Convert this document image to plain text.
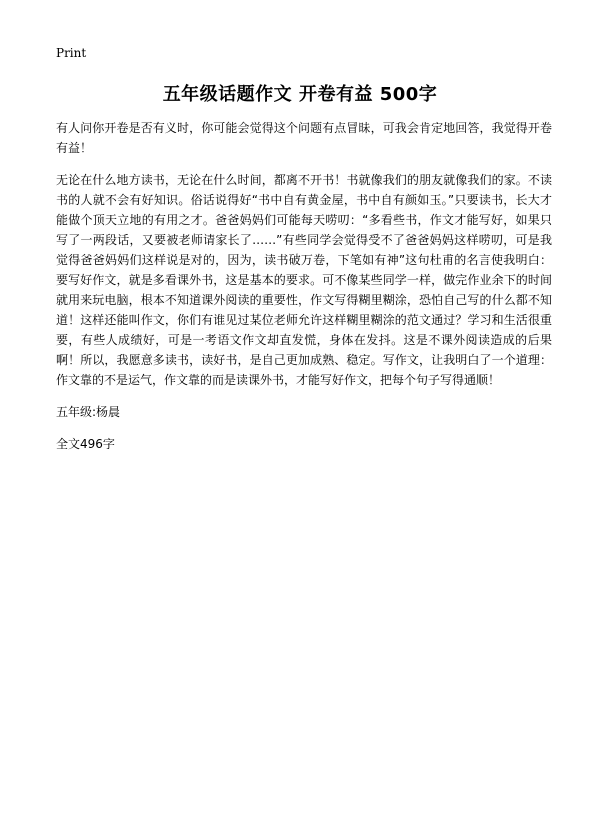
Print
五年级话题作文 开卷有益 500字

有人问你开卷是否有义时，你可能会觉得这个问题有点冒昧，可我会肯定地回答，我觉得开卷有益！

无论在什么地方读书，无论在什么时间，都离不开书！书就像我们的朋友就像我们的家。不读书的人就不会有好知识。俗话说得好“书中自有黄金屋，书中自有颜如玉。”只要读书，长大才能做个顶天立地的有用之才。爸爸妈妈们可能每天唠叨：“多看些书，作文才能写好，如果只写了一两段话，又要被老师请家长了……”有些同学会觉得受不了爸爸妈妈这样唠叨，可是我觉得爸爸妈妈们这样说是对的，因为，读书破万卷，下笔如有神”这句杜甫的名言使我明白：要写好作文，就是多看课外书，这是基本的要求。可不像某些同学一样，做完作业余下的时间就用来玩电脑，根本不知道课外阅读的重要性，作文写得糊里糊涂，恐怕自己写的什么都不知道！这样还能叫作文，你们有谁见过某位老师允许这样糊里糊涂的范文通过？学习和生活很重要，有些人成绩好，可是一考语文作文却直发慌，身体在发抖。这是不课外阅读造成的后果啊！所以，我愿意多读书，读好书，是自己更加成熟、稳定。写作文，让我明白了一个道理：作文靠的不是运气，作文靠的而是读课外书，才能写好作文，把每个句子写得通顺！

五年级:杨晨

全文496字
